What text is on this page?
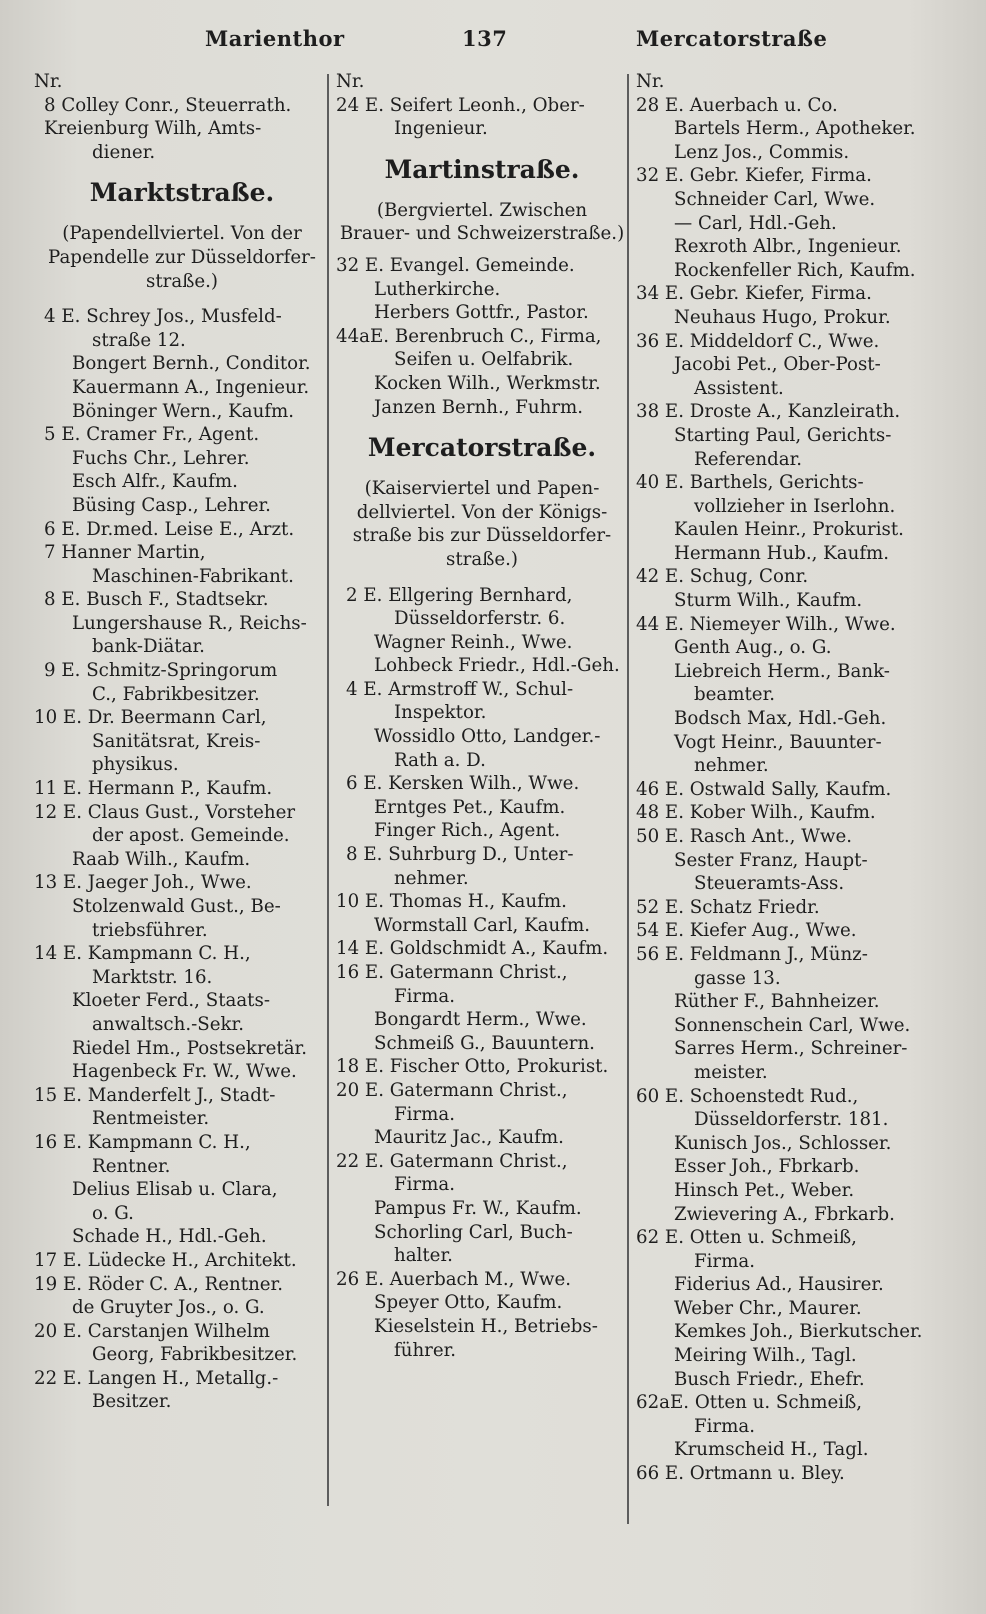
Marienthor	137	Mercatorstraße
Nr.
8 Colley Conr., Steuerrath.
Kreienburg Wilh, Amts-
diener.
Marktstraße.
(Papendellviertel. Von der
Papendelle zur Düsseldorfer-
straße.)
4 E. Schrey Jos., Musfeld-
straße 12.
Bongert Bernh., Conditor.
Kauermann A., Ingenieur.
Böninger Wern., Kaufm.
5 E. Cramer Fr., Agent.
Fuchs Chr., Lehrer.
Esch Alfr., Kaufm.
Büsing Casp., Lehrer.
6 E. Dr.med. Leise E., Arzt.
7 Hanner Martin,
Maschinen-Fabrikant.
8 E. Busch F., Stadtsekr.
Lungershause R., Reichs-
bank-Diätar.
9 E. Schmitz-Springorum
C., Fabrikbesitzer.
10 E. Dr. Beermann Carl,
Sanitätsrat, Kreis-
physikus.
11 E. Hermann P., Kaufm.
12 E. Claus Gust., Vorsteher
der apost. Gemeinde.
Raab Wilh., Kaufm.
13 E. Jaeger Joh., Wwe.
Stolzenwald Gust., Be-
triebsführer.
14 E. Kampmann C. H.,
Marktstr. 16.
Kloeter Ferd., Staats-
anwaltsch.-Sekr.
Riedel Hm., Postsekretär.
Hagenbeck Fr. W., Wwe.
15 E. Manderfelt J., Stadt-
Rentmeister.
16 E. Kampmann C. H.,
Rentner.
Delius Elisab u. Clara,
o. G.
Schade H., Hdl.-Geh.
17 E. Lüdecke H., Architekt.
19 E. Röder C. A., Rentner.
de Gruyter Jos., o. G.
20 E. Carstanjen Wilhelm
Georg, Fabrikbesitzer.
22 E. Langen H., Metallg.-
Besitzer.
Nr.
24 E. Seifert Leonh., Ober-
Ingenieur.
Martinstraße.
(Bergviertel. Zwischen
Brauer- und Schweizerstraße.)
32 E. Evangel. Gemeinde.
Lutherkirche.
Herbers Gottfr., Pastor.
44aE. Berenbruch C., Firma,
Seifen u. Oelfabrik.
Kocken Wilh., Werkmstr.
Janzen Bernh., Fuhrm.
Mercatorstraße.
(Kaiserviertel und Papen-
dellviertel. Von der Königs-
straße bis zur Düsseldorfer-
straße.)
2 E. Ellgering Bernhard,
Düsseldorferstr. 6.
Wagner Reinh., Wwe.
Lohbeck Friedr., Hdl.-Geh.
4 E. Armstroff W., Schul-
Inspektor.
Wossidlo Otto, Landger.-
Rath a. D.
6 E. Kersken Wilh., Wwe.
Erntges Pet., Kaufm.
Finger Rich., Agent.
8 E. Suhrburg D., Unter-
nehmer.
10 E. Thomas H., Kaufm.
Wormstall Carl, Kaufm.
14 E. Goldschmidt A., Kaufm.
16 E. Gatermann Christ.,
Firma.
Bongardt Herm., Wwe.
Schmeiß G., Bauuntern.
18 E. Fischer Otto, Prokurist.
20 E. Gatermann Christ.,
Firma.
Mauritz Jac., Kaufm.
22 E. Gatermann Christ.,
Firma.
Pampus Fr. W., Kaufm.
Schorling Carl, Buch-
halter.
26 E. Auerbach M., Wwe.
Speyer Otto, Kaufm.
Kieselstein H., Betriebs-
führer.
Nr.
28 E. Auerbach u. Co.
Bartels Herm., Apotheker.
Lenz Jos., Commis.
32 E. Gebr. Kiefer, Firma.
Schneider Carl, Wwe.
— Carl, Hdl.-Geh.
Rexroth Albr., Ingenieur.
Rockenfeller Rich, Kaufm.
34 E. Gebr. Kiefer, Firma.
Neuhaus Hugo, Prokur.
36 E. Middeldorf C., Wwe.
Jacobi Pet., Ober-Post-
Assistent.
38 E. Droste A., Kanzleirath.
Starting Paul, Gerichts-
Referendar.
40 E. Barthels, Gerichts-
vollzieher in Iserlohn.
Kaulen Heinr., Prokurist.
Hermann Hub., Kaufm.
42 E. Schug, Conr.
Sturm Wilh., Kaufm.
44 E. Niemeyer Wilh., Wwe.
Genth Aug., o. G.
Liebreich Herm., Bank-
beamter.
Bodsch Max, Hdl.-Geh.
Vogt Heinr., Bauunter-
nehmer.
46 E. Ostwald Sally, Kaufm.
48 E. Kober Wilh., Kaufm.
50 E. Rasch Ant., Wwe.
Sester Franz, Haupt-
Steueramts-Ass.
52 E. Schatz Friedr.
54 E. Kiefer Aug., Wwe.
56 E. Feldmann J., Münz-
gasse 13.
Rüther F., Bahnheizer.
Sonnenschein Carl, Wwe.
Sarres Herm., Schreiner-
meister.
60 E. Schoenstedt Rud.,
Düsseldorferstr. 181.
Kunisch Jos., Schlosser.
Esser Joh., Fbrkarb.
Hinsch Pet., Weber.
Zwievering A., Fbrkarb.
62 E. Otten u. Schmeiß,
Firma.
Fiderius Ad., Hausirer.
Weber Chr., Maurer.
Kemkes Joh., Bierkutscher.
Meiring Wilh., Tagl.
Busch Friedr., Ehefr.
62aE. Otten u. Schmeiß,
Firma.
Krumscheid H., Tagl.
66 E. Ortmann u. Bley.
